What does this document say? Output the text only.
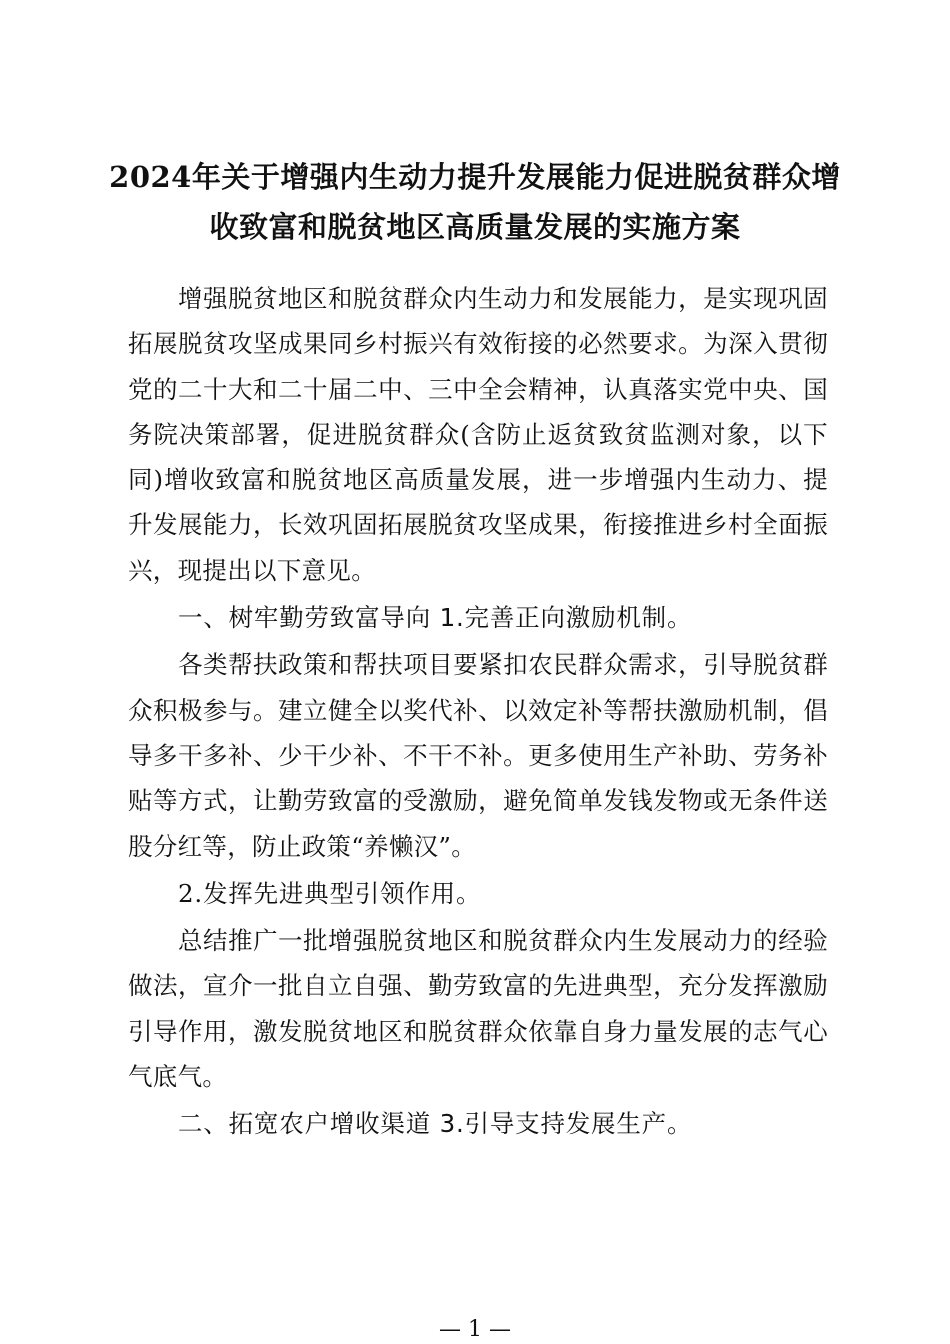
2024年关于增强内生动力提升发展能力促进脱贫群众增
收致富和脱贫地区高质量发展的实施方案

增强脱贫地区和脱贫群众内生动力和发展能力，是实现巩固拓展脱贫攻坚成果同乡村振兴有效衔接的必然要求。为深入贯彻党的二十大和二十届二中、三中全会精神，认真落实党中央、国务院决策部署，促进脱贫群众(含防止返贫致贫监测对象，以下同)增收致富和脱贫地区高质量发展，进一步增强内生动力、提升发展能力，长效巩固拓展脱贫攻坚成果，衔接推进乡村全面振兴，现提出以下意见。

一、树牢勤劳致富导向 1.完善正向激励机制。

各类帮扶政策和帮扶项目要紧扣农民群众需求，引导脱贫群众积极参与。建立健全以奖代补、以效定补等帮扶激励机制，倡导多干多补、少干少补、不干不补。更多使用生产补助、劳务补贴等方式，让勤劳致富的受激励，避免简单发钱发物或无条件送股分红等，防止政策“养懒汉”。

2.发挥先进典型引领作用。

总结推广一批增强脱贫地区和脱贫群众内生发展动力的经验做法，宣介一批自立自强、勤劳致富的先进典型，充分发挥激励引导作用，激发脱贫地区和脱贫群众依靠自身力量发展的志气心气底气。

二、拓宽农户增收渠道 3.引导支持发展生产。

— 1 —
